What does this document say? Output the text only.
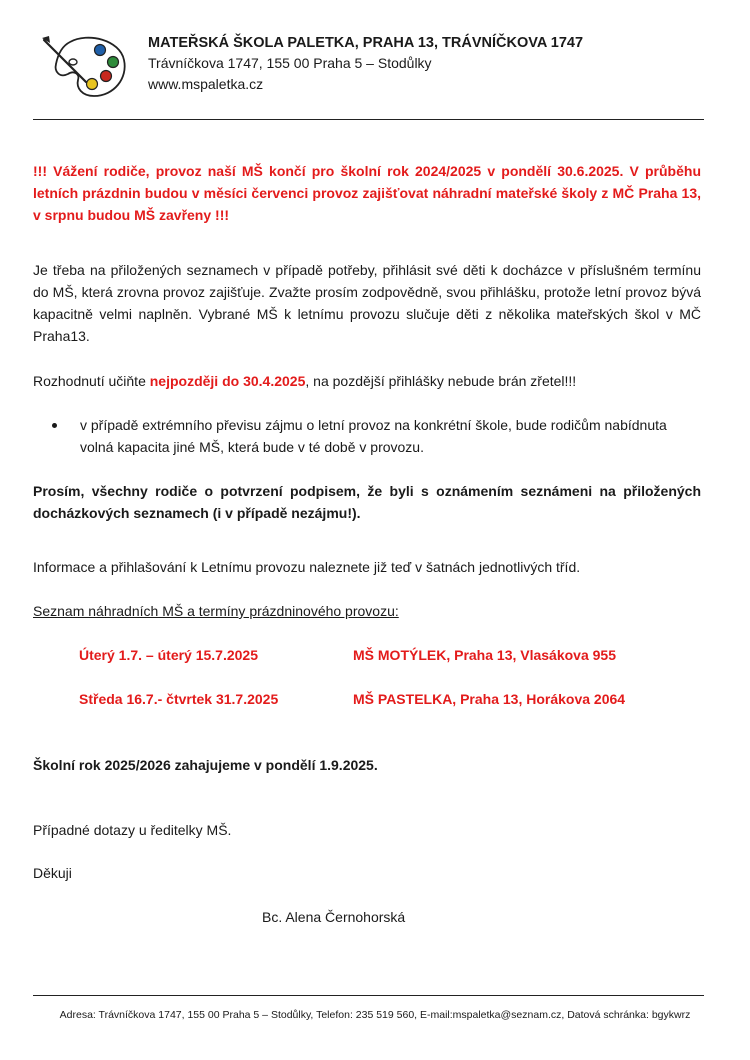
MATEŘSKÁ ŠKOLA PALETKA, PRAHA 13, TRÁVNÍČKOVA 1747
Trávníčkova 1747, 155 00 Praha 5 – Stodůlky
www.mspaletka.cz
!!! Vážení rodiče, provoz naší MŠ končí pro školní rok 2024/2025 v pondělí 30.6.2025. V průběhu letních prázdnin budou v měsíci červenci provoz zajišťovat náhradní mateřské školy z MČ Praha 13, v srpnu budou MŠ zavřeny !!!
Je třeba na přiložených seznamech v případě potřeby, přihlásit své děti k docházce v příslušném termínu do MŠ, která zrovna provoz zajišťuje. Zvažte prosím zodpovědně, svou přihlášku, protože letní provoz bývá kapacitně velmi naplněn. Vybrané MŠ k letnímu provozu slučuje děti z několika mateřských škol v MČ Praha13.
Rozhodnutí učiňte nejpozději do 30.4.2025, na pozdější přihlášky nebude brán zřetel!!!
v případě extrémního převisu zájmu o letní provoz na konkrétní škole, bude rodičům nabídnuta volná kapacita jiné MŠ, která bude v té době v provozu.
Prosím, všechny rodiče o potvrzení podpisem, že byli s oznámením seznámeni na přiložených docházkových seznamech (i v případě nezájmu!).
Informace a přihlašování k Letnímu provozu naleznete již teď v šatnách jednotlivých tříd.
Seznam náhradních MŠ a termíny prázdninového provozu:
Úterý 1.7. – úterý 15.7.2025	MŠ MOTÝLEK, Praha 13, Vlasákova 955
Středa 16.7.- čtvrtek 31.7.2025	MŠ PASTELKA, Praha 13, Horákova 2064
Školní rok 2025/2026 zahajujeme v pondělí 1.9.2025.
Případné dotazy u ředitelky MŠ.
Děkuji
Bc. Alena Černohorská
Adresa: Trávníčkova 1747, 155 00 Praha 5 – Stodůlky, Telefon: 235 519 560, E-mail:mspaletka@seznam.cz, Datová schránka: bgykwrz
